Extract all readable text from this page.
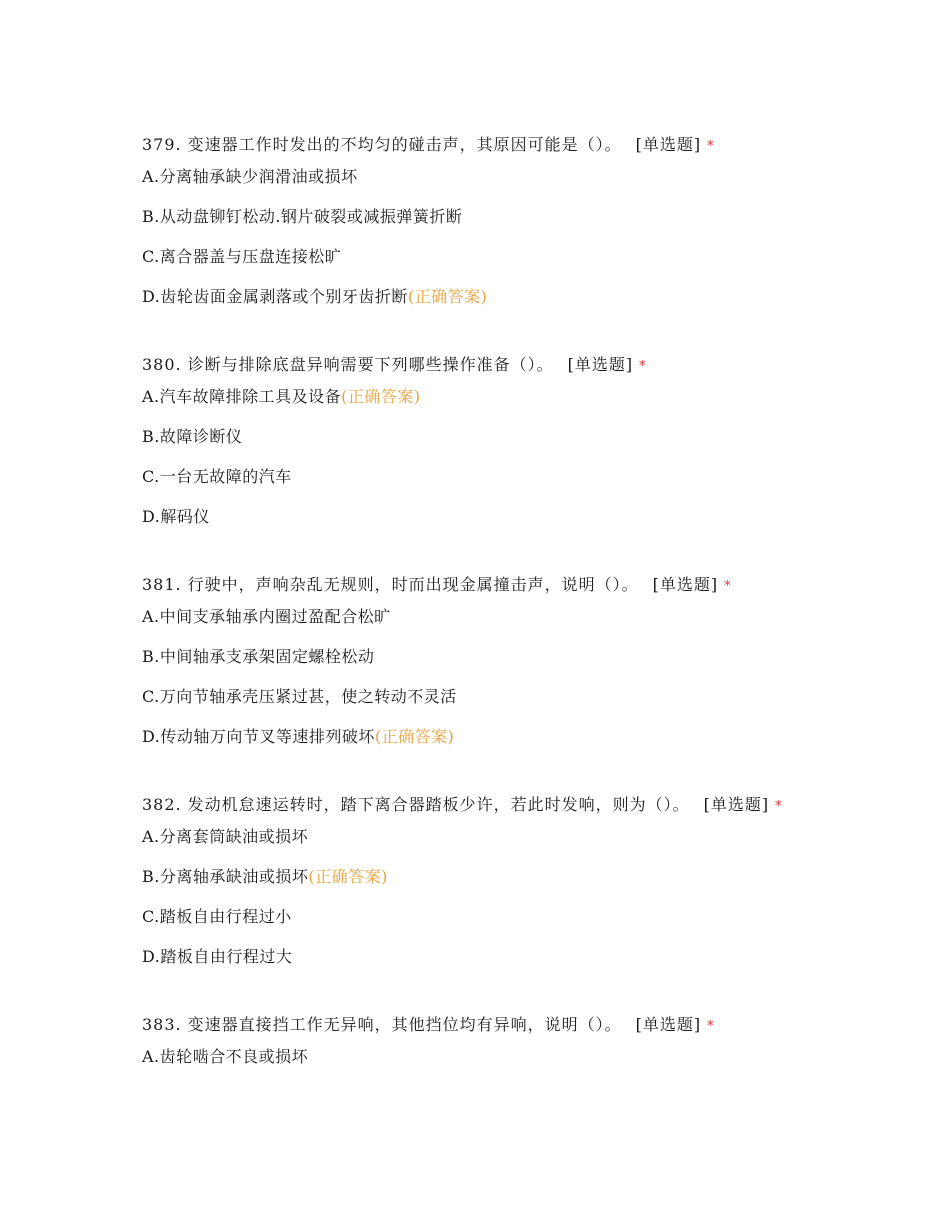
379. 变速器工作时发出的不均匀的碰击声，其原因可能是（）。 [单选题] *

A.分离轴承缺少润滑油或损坏
B.从动盘铆钉松动.钢片破裂或减振弹簧折断
C.离合器盖与压盘连接松旷
D.齿轮齿面金属剥落或个别牙齿折断(正确答案)

380. 诊断与排除底盘异响需要下列哪些操作准备（）。 [单选题] *

A.汽车故障排除工具及设备(正确答案)
B.故障诊断仪
C.一台无故障的汽车
D.解码仪

381. 行驶中，声响杂乱无规则，时而出现金属撞击声，说明（）。 [单选题] *

A.中间支承轴承内圈过盈配合松旷
B.中间轴承支承架固定螺栓松动
C.万向节轴承壳压紧过甚，使之转动不灵活
D.传动轴万向节叉等速排列破坏(正确答案)

382. 发动机怠速运转时，踏下离合器踏板少许，若此时发响，则为（）。 [单选题] *

A.分离套筒缺油或损坏
B.分离轴承缺油或损坏(正确答案)
C.踏板自由行程过小
D.踏板自由行程过大

383. 变速器直接挡工作无异响，其他挡位均有异响，说明（）。 [单选题] *

A.齿轮啮合不良或损坏
